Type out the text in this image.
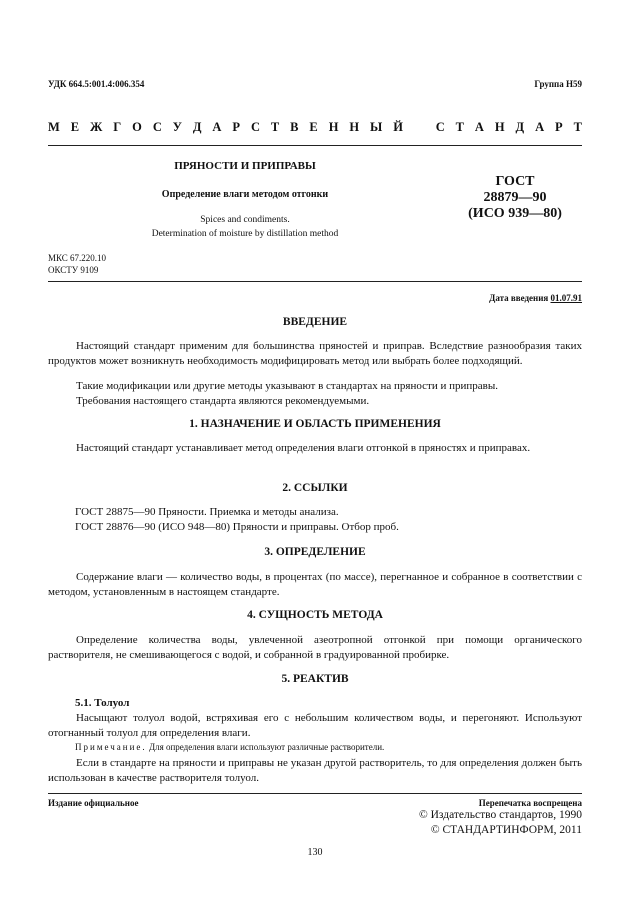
УДК 664.5:001.4:006.354	Группа Н59
М Е Ж Г О С У Д А Р С Т В Е Н Н Ы Й	С Т А Н Д А Р Т
ПРЯНОСТИ И ПРИПРАВЫ
Определение влаги методом отгонки
Spices and condiments.
Determination of moisture by distillation method
ГОСТ
28879—90
(ИСО 939—80)
МКС 67.220.10
ОКСТУ 9109
Дата введения 01.07.91
ВВЕДЕНИЕ
Настоящий стандарт применим для большинства пряностей и приправ. Вследствие разнообразия таких продуктов может возникнуть необходимость модифицировать метод или выбрать более подходящий.
Такие модификации или другие методы указывают в стандартах на пряности и приправы.
Требования настоящего стандарта являются рекомендуемыми.
1. НАЗНАЧЕНИЕ И ОБЛАСТЬ ПРИМЕНЕНИЯ
Настоящий стандарт устанавливает метод определения влаги отгонкой в пряностях и приправах.
2. ССЫЛКИ
ГОСТ 28875—90 Пряности. Приемка и методы анализа.
ГОСТ 28876—90 (ИСО 948—80) Пряности и приправы. Отбор проб.
3. ОПРЕДЕЛЕНИЕ
Содержание влаги — количество воды, в процентах (по массе), перегнанное и собранное в соответствии с методом, установленным в настоящем стандарте.
4. СУЩНОСТЬ МЕТОДА
Определение количества воды, увлеченной азеотропной отгонкой при помощи органического растворителя, не смешивающегося с водой, и собранной в градуированной пробирке.
5. РЕАКТИВ
5.1. Толуол
Насыщают толуол водой, встряхивая его с небольшим количеством воды, и перегоняют. Используют отогнанный толуол для определения влаги.
Примечание. Для определения влаги используют различные растворители.
Если в стандарте на пряности и приправы не указан другой растворитель, то для определения должен быть использован в качестве растворителя толуол.
Издание официальное	Перепечатка воспрещена
© Издательство стандартов, 1990
© СТАНДАРТИНФОРМ, 2011
130
